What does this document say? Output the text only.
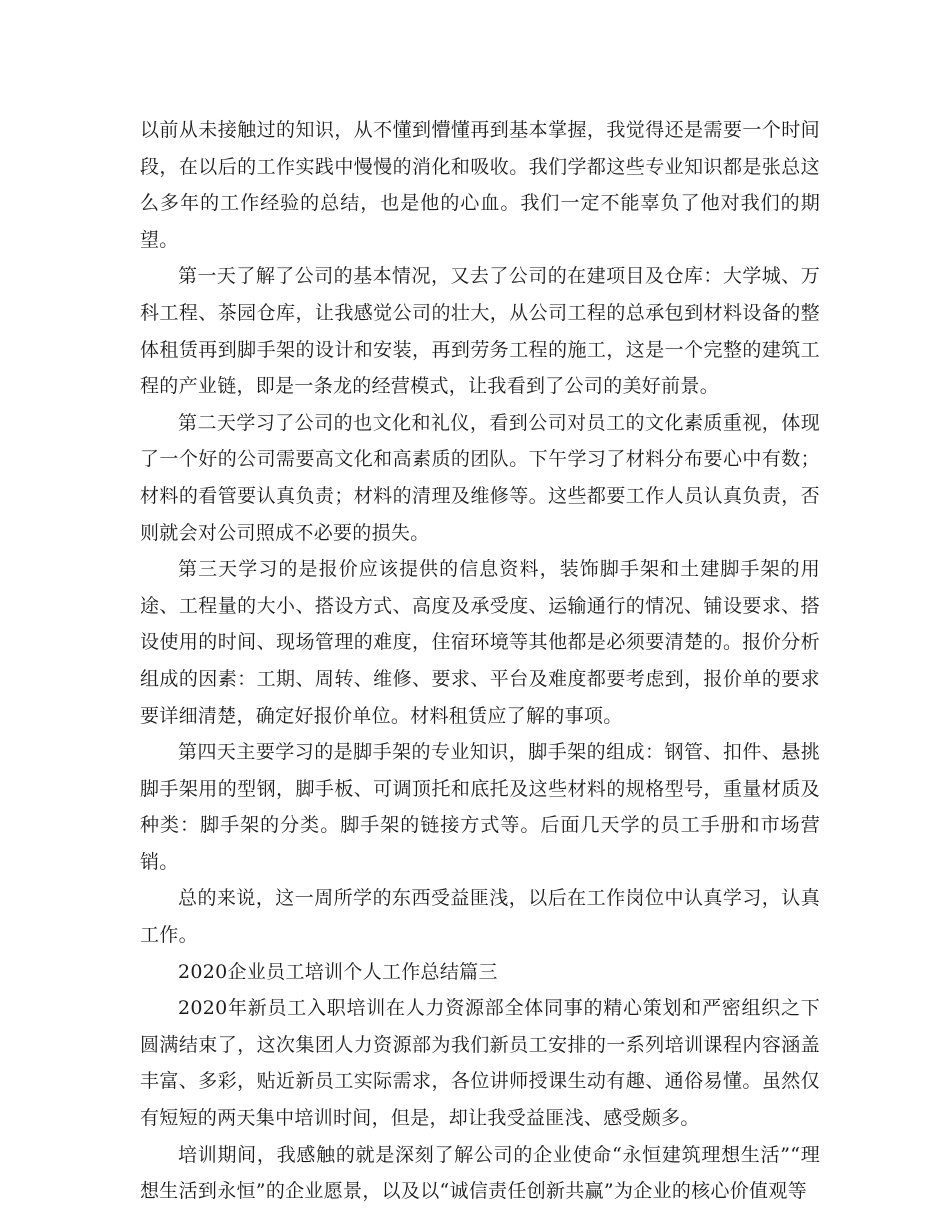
以前从未接触过的知识，从不懂到懵懂再到基本掌握，我觉得还是需要一个时间段，在以后的工作实践中慢慢的消化和吸收。我们学都这些专业知识都是张总这么多年的工作经验的总结，也是他的心血。我们一定不能辜负了他对我们的期望。

第一天了解了公司的基本情况，又去了公司的在建项目及仓库：大学城、万科工程、茶园仓库，让我感觉公司的壮大，从公司工程的总承包到材料设备的整体租赁再到脚手架的设计和安装，再到劳务工程的施工，这是一个完整的建筑工程的产业链，即是一条龙的经营模式，让我看到了公司的美好前景。

第二天学习了公司的也文化和礼仪，看到公司对员工的文化素质重视，体现了一个好的公司需要高文化和高素质的团队。下午学习了材料分布要心中有数；材料的看管要认真负责；材料的清理及维修等。这些都要工作人员认真负责，否则就会对公司照成不必要的损失。

第三天学习的是报价应该提供的信息资料，装饰脚手架和土建脚手架的用途、工程量的大小、搭设方式、高度及承受度、运输通行的情况、铺设要求、搭设使用的时间、现场管理的难度，住宿环境等其他都是必须要清楚的。报价分析组成的因素：工期、周转、维修、要求、平台及难度都要考虑到，报价单的要求要详细清楚，确定好报价单位。材料租赁应了解的事项。

第四天主要学习的是脚手架的专业知识，脚手架的组成：钢管、扣件、悬挑脚手架用的型钢，脚手板、可调顶托和底托及这些材料的规格型号，重量材质及种类：脚手架的分类。脚手架的链接方式等。后面几天学的员工手册和市场营销。

总的来说，这一周所学的东西受益匪浅，以后在工作岗位中认真学习，认真工作。

2020企业员工培训个人工作总结篇三

2020年新员工入职培训在人力资源部全体同事的精心策划和严密组织之下圆满结束了，这次集团人力资源部为我们新员工安排的一系列培训课程内容涵盖丰富、多彩，贴近新员工实际需求，各位讲师授课生动有趣、通俗易懂。虽然仅有短短的两天集中培训时间，但是，却让我受益匪浅、感受颇多。

培训期间，我感触的就是深刻了解公司的企业使命“永恒建筑理想生活”“理想生活到永恒”的企业愿景，以及以“诚信责任创新共赢”为企业的核心价值观等
